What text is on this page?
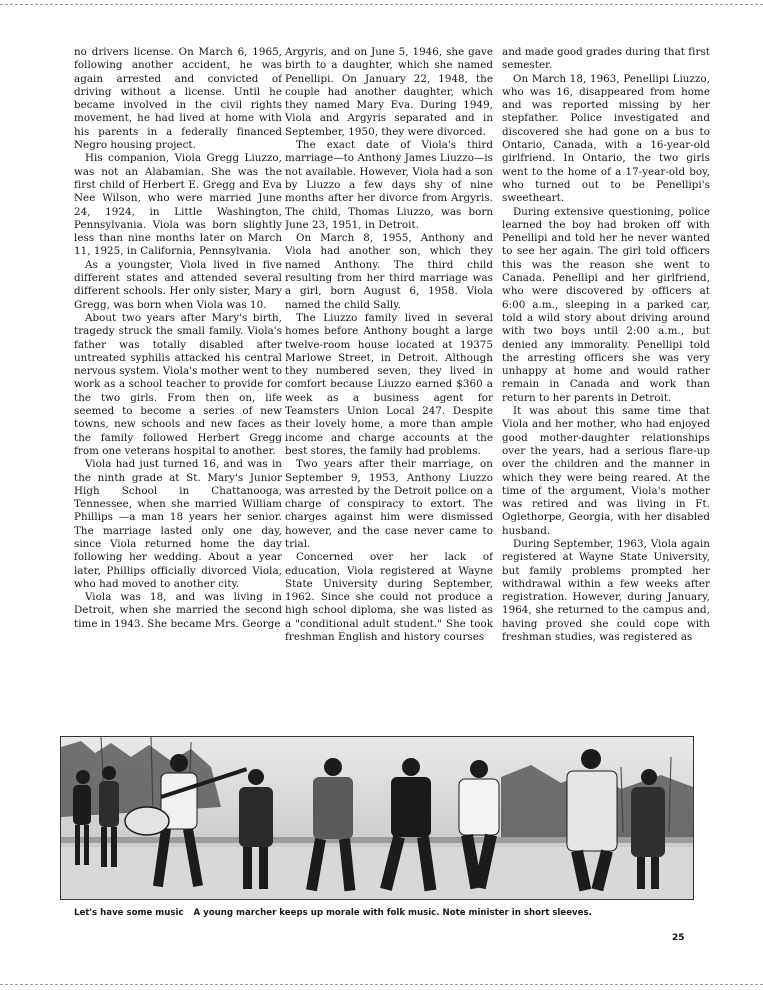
no drivers license. On March 6, 1965, following another accident, he was again arrested and convicted of driving without a license. Until he became involved in the civil rights movement, he had lived at home with his parents in a federally financed Negro housing project.

His companion, Viola Gregg Liuzzo, was not an Alabamian. She was the first child of Herbert E. Gregg and Eva Nee Wilson, who were married June 24, 1924, in Little Washington, Pennsylvania. Viola was born slightly less than nine months later on March 11, 1925, in California, Pennsylvania.

As a youngster, Viola lived in five different states and attended several different schools. Her only sister, Mary Gregg, was born when Viola was 10.

About two years after Mary's birth, tragedy struck the small family. Viola's father was totally disabled after untreated syphilis attacked his central nervous system. Viola's mother went to work as a school teacher to provide for the two girls. From then on, life seemed to become a series of new towns, new schools and new faces as the family followed Herbert Gregg from one veterans hospital to another.

Viola had just turned 16, and was in the ninth grade at St. Mary's Junior High School in Chattanooga, Tennessee, when she married William Phillips —a man 18 years her senior. The marriage lasted only one day, since Viola returned home the day following her wedding. About a year later, Phillips officially divorced Viola, who had moved to another city.

Viola was 18, and was living in Detroit, when she married the second time in 1943. She became Mrs. George

Argyris, and on June 5, 1946, she gave birth to a daughter, which she named Penellipi. On January 22, 1948, the couple had another daughter, which they named Mary Eva. During 1949, Viola and Argyris separated and in September, 1950, they were divorced.

The exact date of Viola's third marriage—to Anthony James Liuzzo—is not available. However, Viola had a son by Liuzzo a few days shy of nine months after her divorce from Argyris. The child, Thomas Liuzzo, was born June 23, 1951, in Detroit.

On March 8, 1955, Anthony and Viola had another son, which they named Anthony. The third child resulting from her third marriage was a girl, born August 6, 1958. Viola named the child Sally.

The Liuzzo family lived in several homes before Anthony bought a large twelve-room house located at 19375 Marlowe Street, in Detroit. Although they numbered seven, they lived in comfort because Liuzzo earned $360 a week as a business agent for Teamsters Union Local 247. Despite their lovely home, a more than ample income and charge accounts at the best stores, the family had problems.

Two years after their marriage, on September 9, 1953, Anthony Liuzzo was arrested by the Detroit police on a charge of conspiracy to extort. The charges against him were dismissed however, and the case never came to trial.

Concerned over her lack of education, Viola registered at Wayne State University during September, 1962. Since she could not produce a high school diploma, she was listed as a "conditional adult student." She took freshman English and history courses

and made good grades during that first semester.

On March 18, 1963, Penellipi Liuzzo, who was 16, disappeared from home and was reported missing by her stepfather. Police investigated and discovered she had gone on a bus to Ontario, Canada, with a 16-year-old girlfriend. In Ontario, the two girls went to the home of a 17-year-old boy, who turned out to be Penellipi's sweetheart.

During extensive questioning, police learned the boy had broken off with Penellipi and told her he never wanted to see her again. The girl told officers this was the reason she went to Canada. Penellipi and her girlfriend, who were discovered by officers at 6:00 a.m., sleeping in a parked car, told a wild story about driving around with two boys until 2:00 a.m., but denied any immorality. Penellipi told the arresting officers she was very unhappy at home and would rather remain in Canada and work than return to her parents in Detroit.

It was about this same time that Viola and her mother, who had enjoyed good mother-daughter relationships over the years, had a serious flare-up over the children and the manner in which they were being reared. At the time of the argument, Viola's mother was retired and was living in Ft. Oglethorpe, Georgia, with her disabled husband.

During September, 1963, Viola again registered at Wayne State University, but family problems prompted her withdrawal within a few weeks after registration. However, during January, 1964, she returned to the campus and, having proved she could cope with freshman studies, was registered as

Let's have some music A young marcher keeps up morale with folk music. Note minister in short sleeves.
25
